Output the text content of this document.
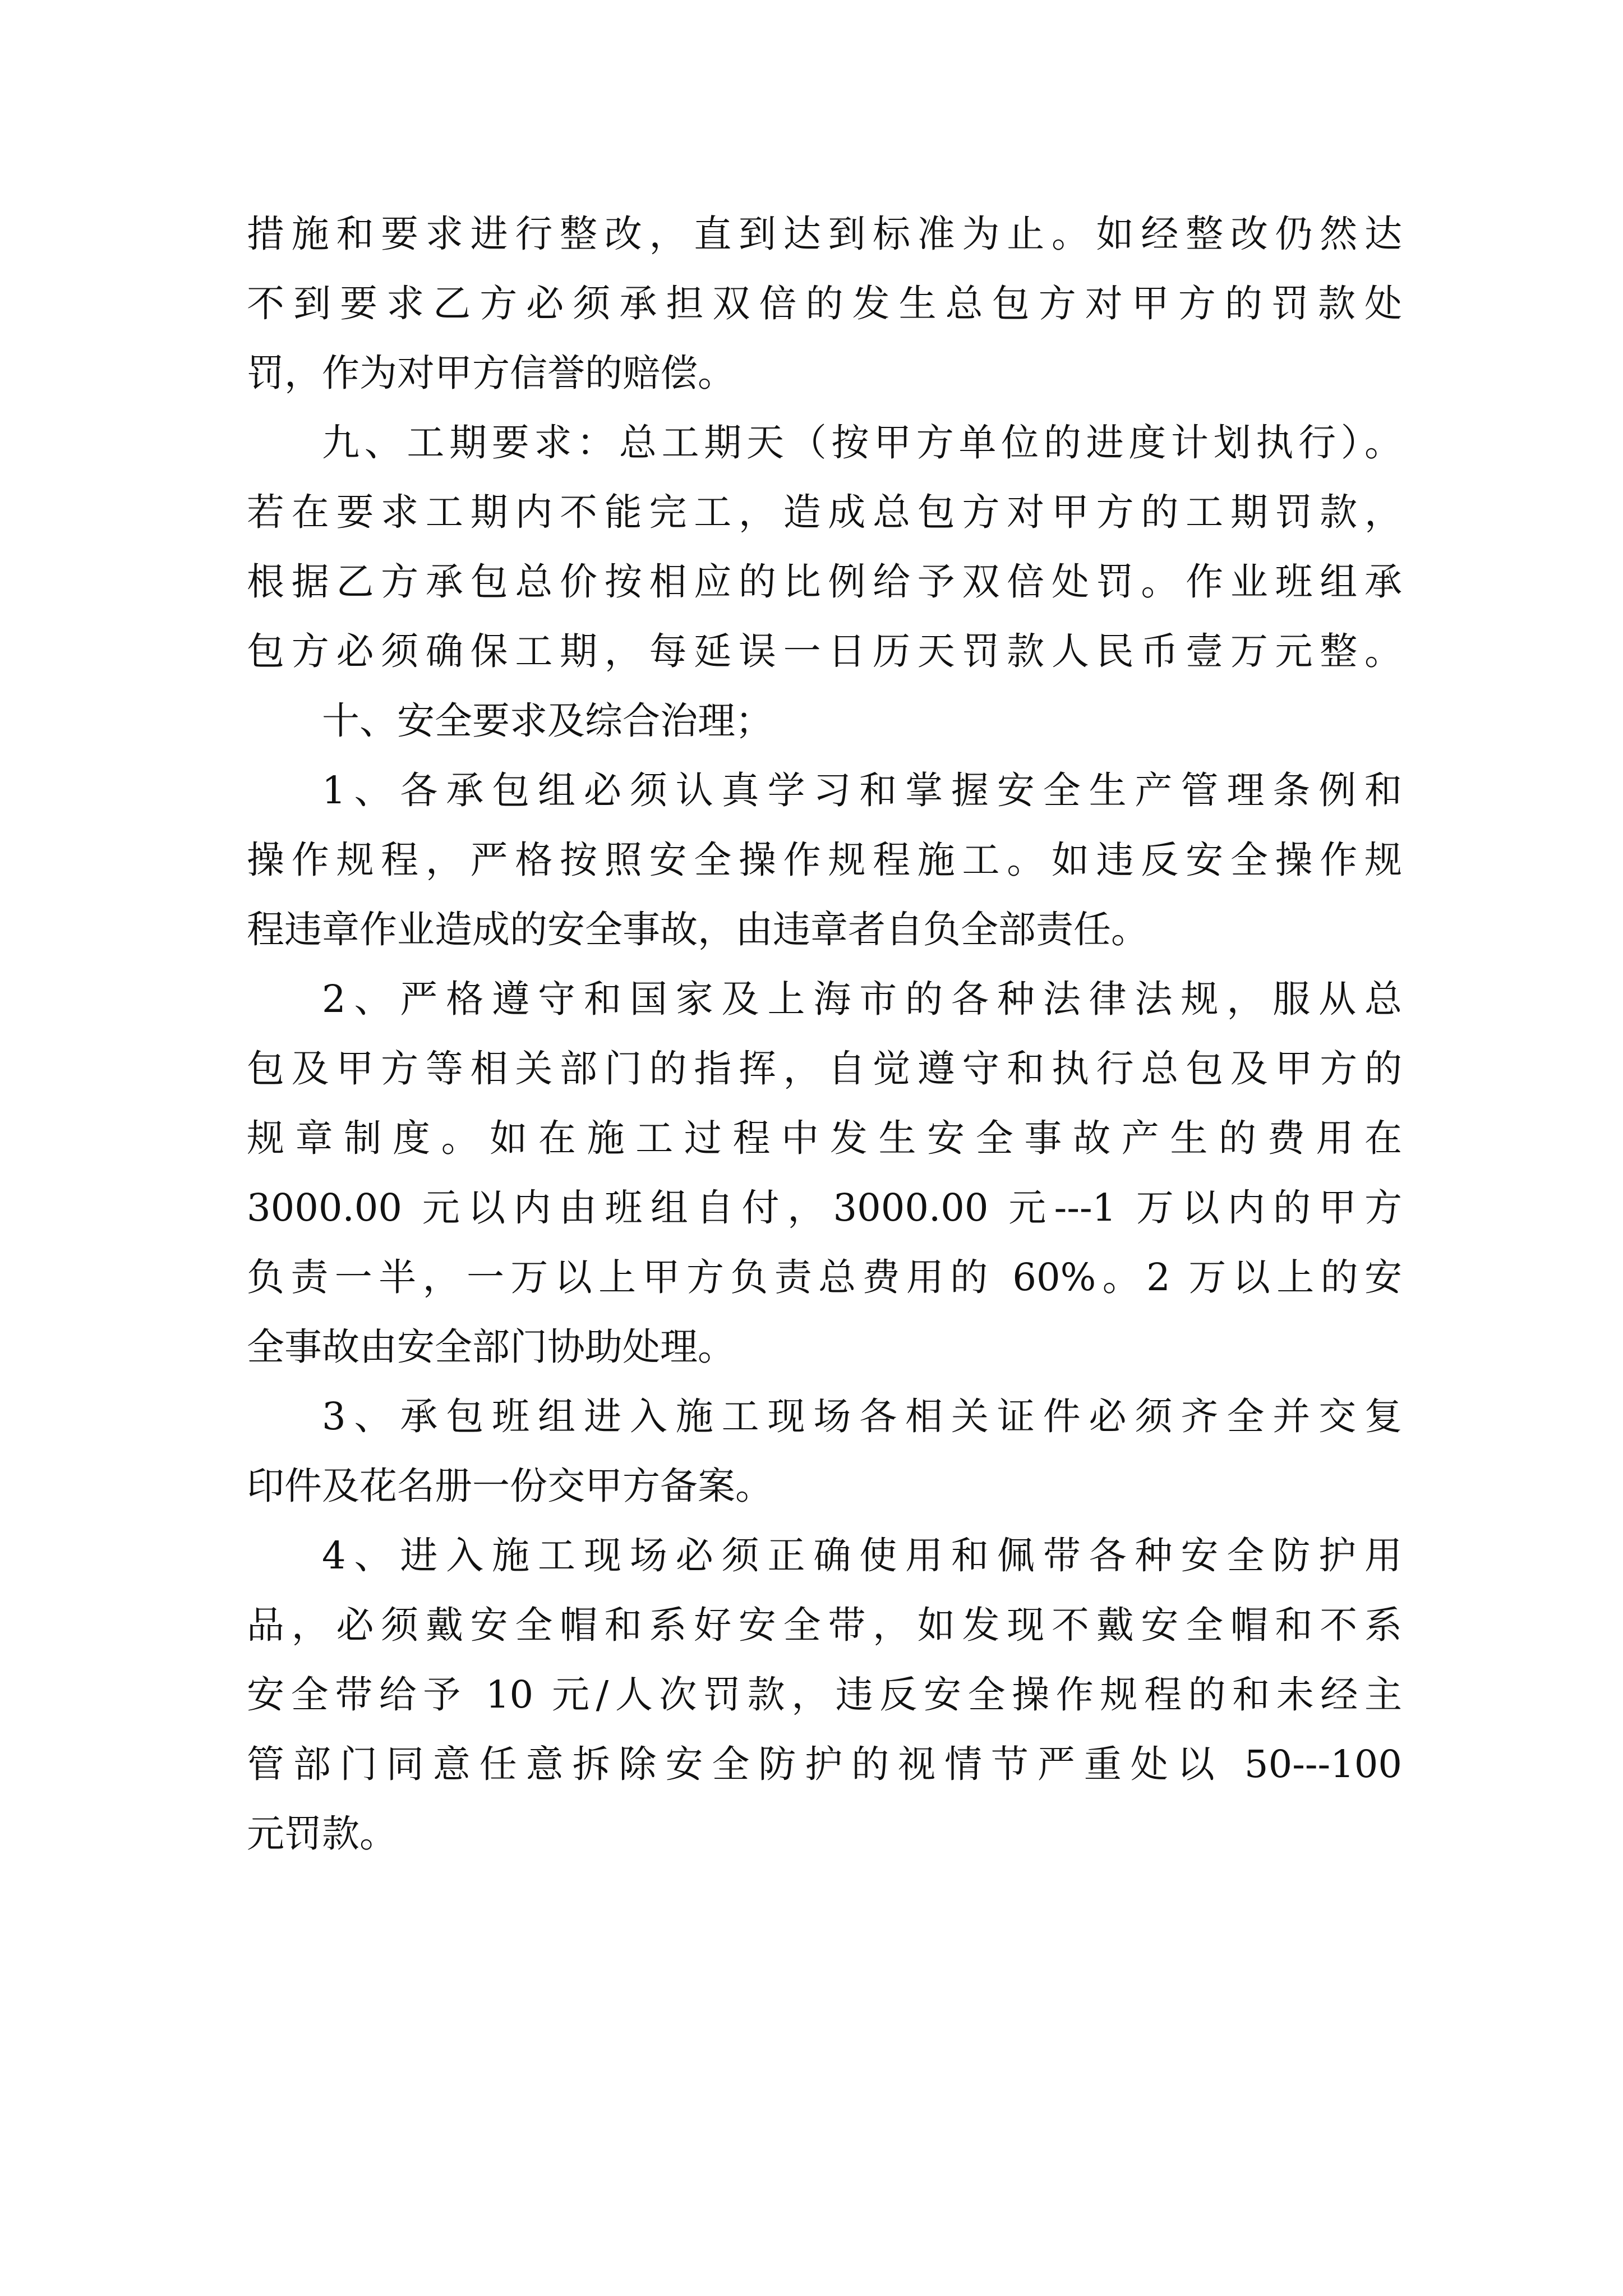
措施和要求进行整改，直到达到标准为止。如经整改仍然达
不到要求乙方必须承担双倍的发生总包方对甲方的罚款处
罚，作为对甲方信誉的赔偿。
九、工期要求：总工期天（按甲方单位的进度计划执行）。
若在要求工期内不能完工，造成总包方对甲方的工期罚款，
根据乙方承包总价按相应的比例给予双倍处罚。作业班组承
包方必须确保工期，每延误一日历天罚款人民币壹万元整。
十、安全要求及综合治理；
1、各承包组必须认真学习和掌握安全生产管理条例和
操作规程，严格按照安全操作规程施工。如违反安全操作规
程违章作业造成的安全事故，由违章者自负全部责任。
2、严格遵守和国家及上海市的各种法律法规，服从总
包及甲方等相关部门的指挥，自觉遵守和执行总包及甲方的
规章制度。如在施工过程中发生安全事故产生的费用在
3000.00 元以内由班组自付，3000.00 元---1 万以内的甲方
负责一半，一万以上甲方负责总费用的 60%。2 万以上的安
全事故由安全部门协助处理。
3、承包班组进入施工现场各相关证件必须齐全并交复
印件及花名册一份交甲方备案。
4、进入施工现场必须正确使用和佩带各种安全防护用
品，必须戴安全帽和系好安全带，如发现不戴安全帽和不系
安全带给予 10 元/人次罚款，违反安全操作规程的和未经主
管部门同意任意拆除安全防护的视情节严重处以 50---100
元罚款。
